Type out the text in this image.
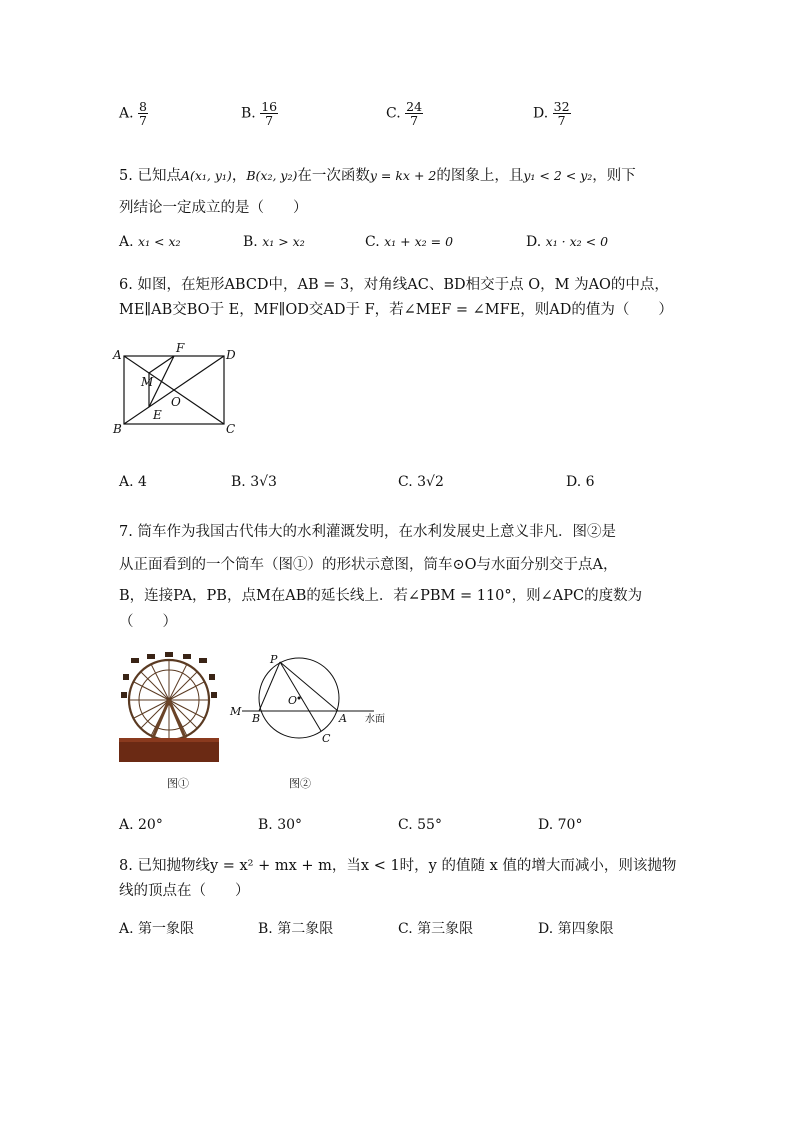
A. $\frac{8}{7}$	B. $\frac{16}{7}$	C. $\frac{24}{7}$	D. $\frac{32}{7}$
5. 已知点A(x₁, y₁)，B(x₂, y₂)在一次函数y = kx + 2的图象上，且y₁ < 2 < y₂，则下
列结论一定成立的是（　　）
A. x₁ < x₂	B. x₁ > x₂	C. x₁ + x₂ = 0	D. x₁ · x₂ < 0
6. 如图，在矩形ABCD中，AB = 3，对角线AC、BD相交于点 O，M 为AO的中点，
ME∥AB交BO于 E，MF∥OD交AD于 F，若∠MEF = ∠MFE，则AD的值为（　　）
A
B	C
D
F
M
O
E
A. 4	B. 3√3	C. 3√2	D. 6
7. 筒车作为我国古代伟大的水利灌溉发明，在水利发展史上意义非凡．图②是
从正面看到的一个筒车（图①）的形状示意图，筒车⊙O与水面分别交于点A，
B，连接PA，PB，点M在AB的延长线上．若∠PBM = 110°，则∠APC的度数为
（　　）
图①
P
O
M
B	A
C
水面
图②
A. 20°	B. 30°	C. 55°	D. 70°
8. 已知抛物线y = x² + mx + m，当x < 1时，y 的值随 x 值的增大而减小，则该抛物
线的顶点在（　　）
A. 第一象限	B. 第二象限	C. 第三象限	D. 第四象限
